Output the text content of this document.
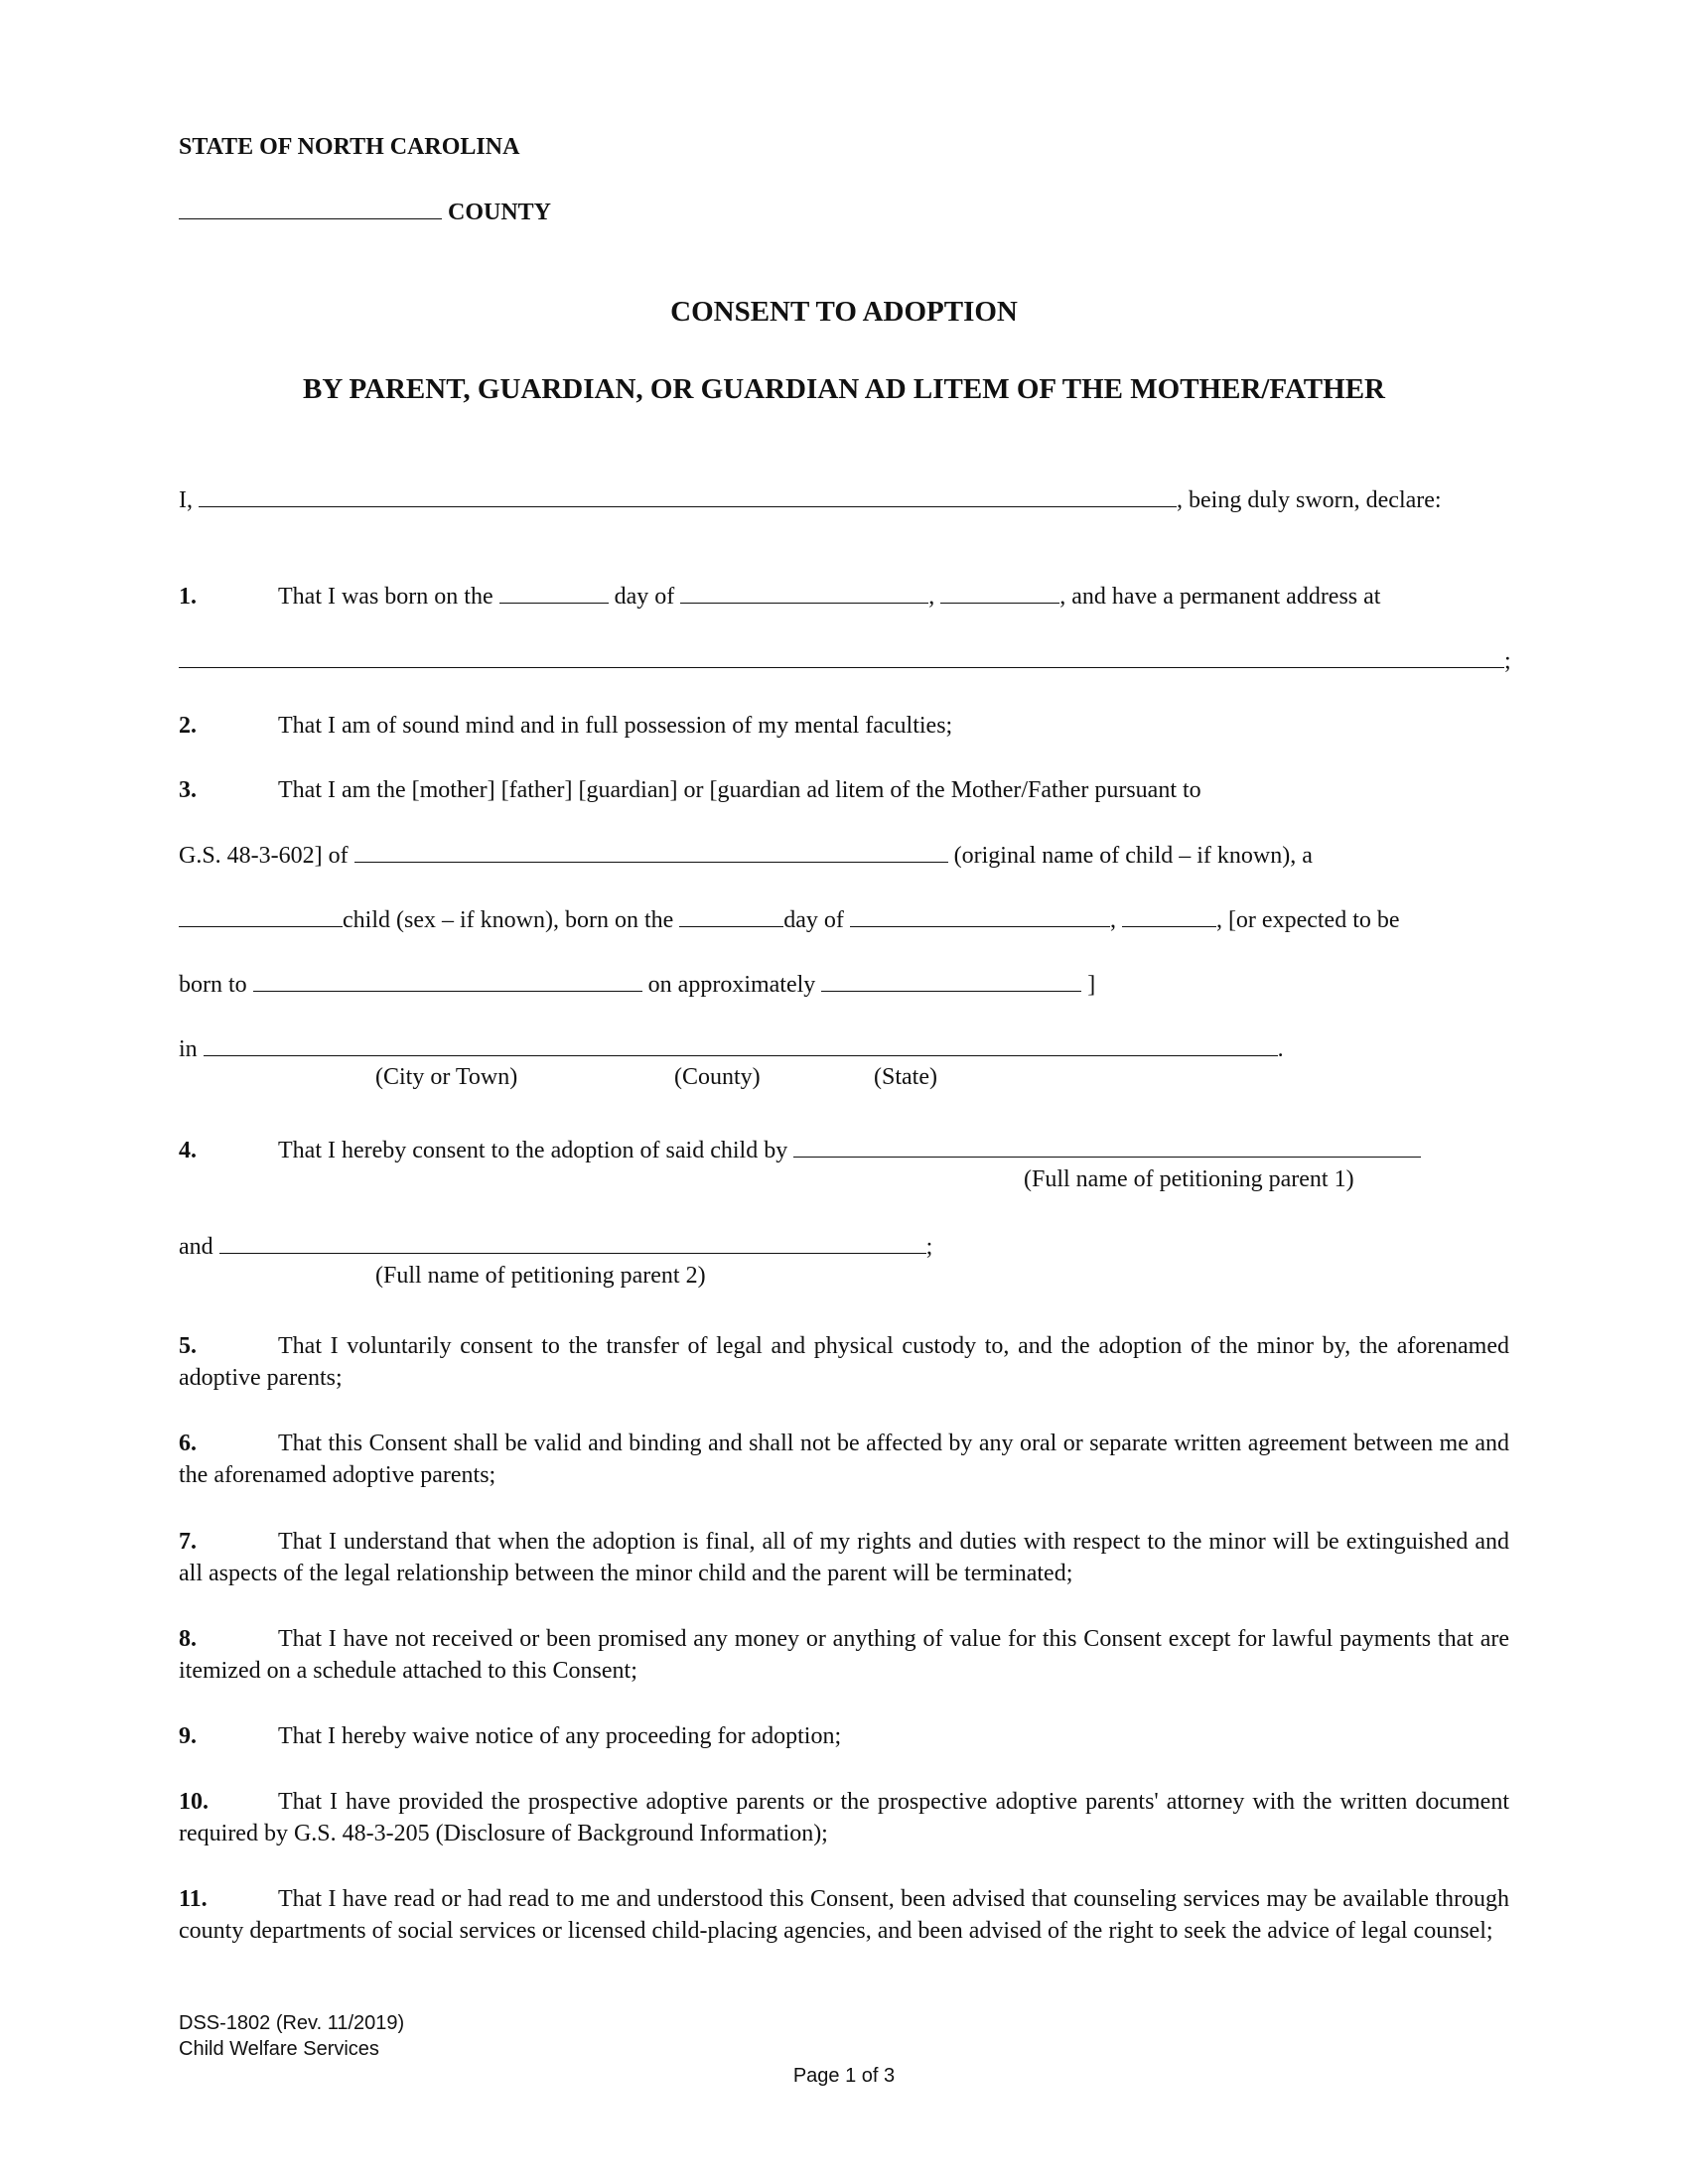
STATE OF NORTH CAROLINA
COUNTY
CONSENT TO ADOPTION
BY PARENT, GUARDIAN, OR GUARDIAN AD LITEM OF THE MOTHER/FATHER
I,	, being duly sworn, declare:
1.	That I was born on the	day of	,	, and have a permanent address at
;
2.	That I am of sound mind and in full possession of my mental faculties;
3.	That I am the [mother] [father] [guardian] or [guardian ad litem of the Mother/Father pursuant to
G.S. 48-3-602] of	(original name of child – if known), a
child (sex – if known), born on the	day of	,	, [or expected to be
born to	on approximately	]
in	.
(City or Town)	(County)	(State)
4.	That I hereby consent to the adoption of said child by
(Full name of petitioning parent 1)
and	;
(Full name of petitioning parent 2)
5.	That I voluntarily consent to the transfer of legal and physical custody to, and the adoption of the minor by, the aforenamed adoptive parents;
6.	That this Consent shall be valid and binding and shall not be affected by any oral or separate written agreement between me and the aforenamed adoptive parents;
7.	That I understand that when the adoption is final, all of my rights and duties with respect to the minor will be extinguished and all aspects of the legal relationship between the minor child and the parent will be terminated;
8.	That I have not received or been promised any money or anything of value for this Consent except for lawful payments that are itemized on a schedule attached to this Consent;
9.	That I hereby waive notice of any proceeding for adoption;
10.	That I have provided the prospective adoptive parents or the prospective adoptive parents' attorney with the written document required by G.S. 48-3-205 (Disclosure of Background Information);
11.	That I have read or had read to me and understood this Consent, been advised that counseling services may be available through county departments of social services or licensed child-placing agencies, and been advised of the right to seek the advice of legal counsel;
DSS-1802 (Rev. 11/2019)
Child Welfare Services
Page 1 of 3
